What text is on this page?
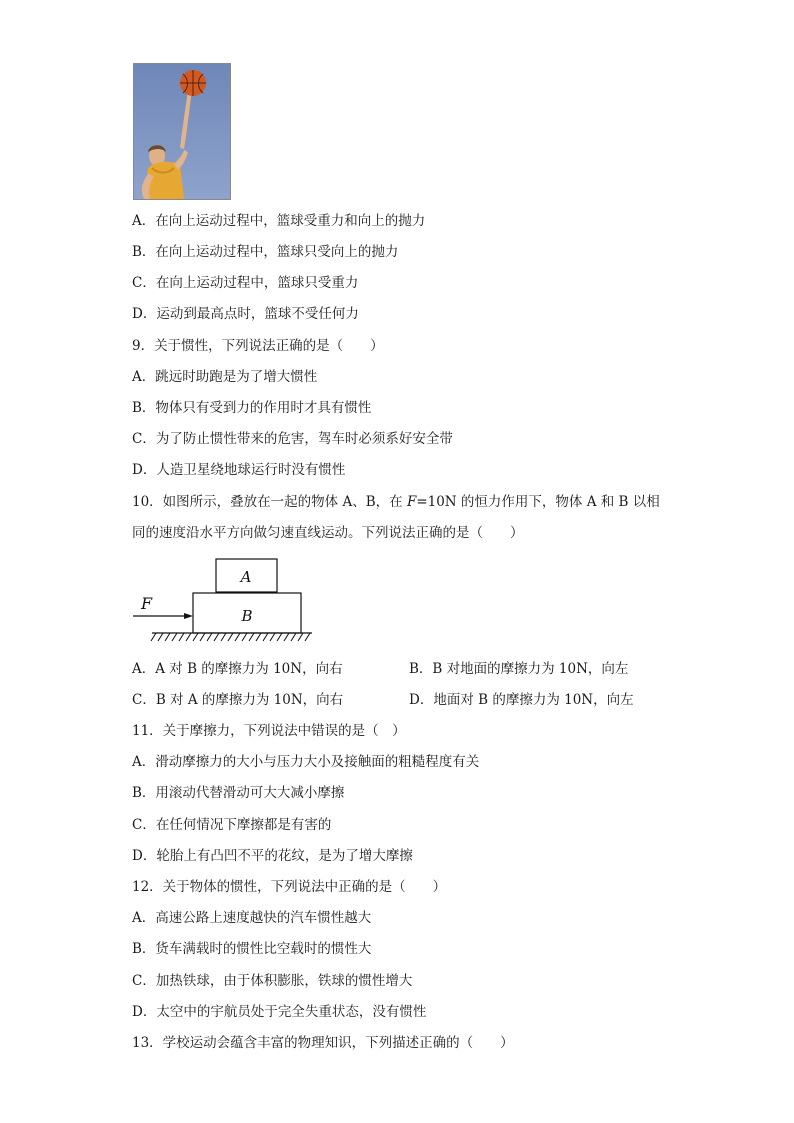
A．在向上运动过程中，篮球受重力和向上的抛力
B．在向上运动过程中，篮球只受向上的抛力
C．在向上运动过程中，篮球只受重力
D．运动到最高点时，篮球不受任何力
9．关于惯性，下列说法正确的是（　　）
A．跳远时助跑是为了增大惯性
B．物体只有受到力的作用时才具有惯性
C．为了防止惯性带来的危害，驾车时必须系好安全带
D．人造卫星绕地球运行时没有惯性
10．如图所示，叠放在一起的物体 A、B，在 F=10N 的恒力作用下，物体 A 和 B 以相
同的速度沿水平方向做匀速直线运动。下列说法正确的是（　　）
A
B
F
A．A 对 B 的摩擦力为 10N，向右	B．B 对地面的摩擦力为 10N，向左
C．B 对 A 的摩擦力为 10N，向右	D．地面对 B 的摩擦力为 10N，向左
11．关于摩擦力，下列说法中错误的是（　）
A．滑动摩擦力的大小与压力大小及接触面的粗糙程度有关
B．用滚动代替滑动可大大减小摩擦
C．在任何情况下摩擦都是有害的
D．轮胎上有凸凹不平的花纹，是为了增大摩擦
12．关于物体的惯性，下列说法中正确的是（　　）
A．高速公路上速度越快的汽车惯性越大
B．货车满载时的惯性比空载时的惯性大
C．加热铁球，由于体积膨胀，铁球的惯性增大
D．太空中的宇航员处于完全失重状态，没有惯性
13．学校运动会蕴含丰富的物理知识，下列描述正确的（　　）
